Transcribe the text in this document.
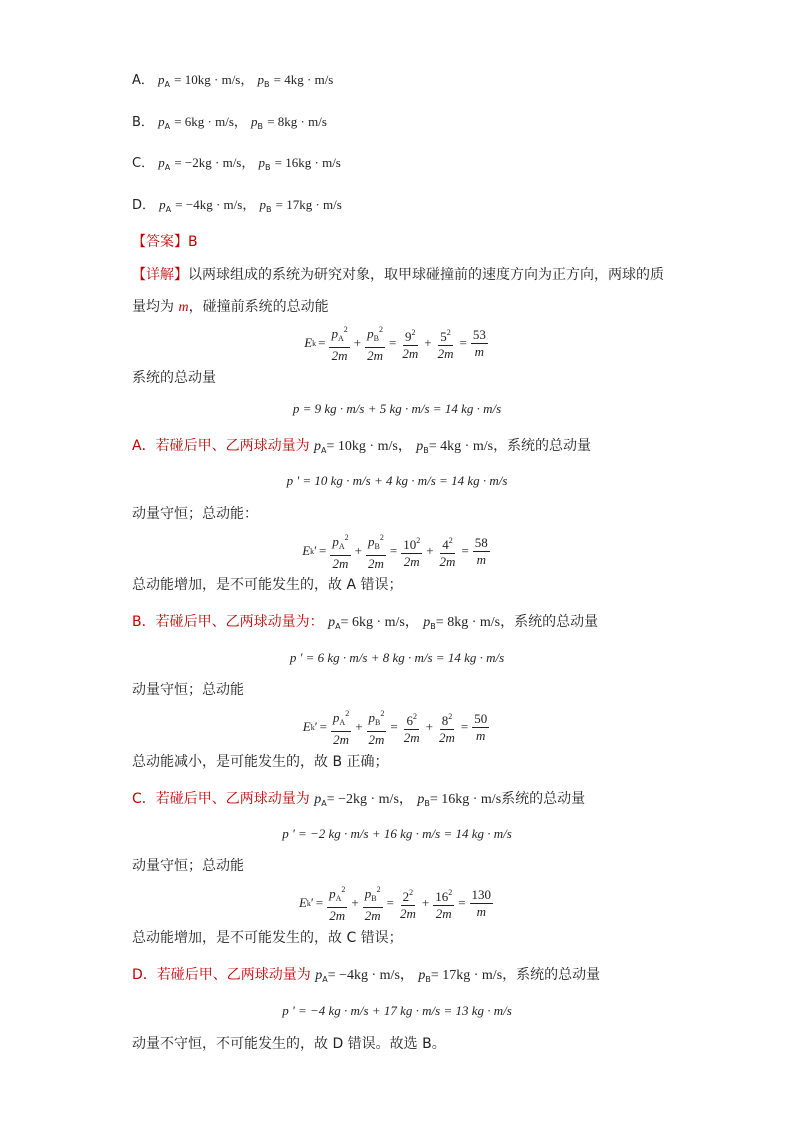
A． $p_A = 10kg \cdot m/s$， $p_B = 4kg \cdot m/s$
B． $p_A = 6kg \cdot m/s$， $p_B = 8kg \cdot m/s$
C． $p_A = -2kg \cdot m/s$， $p_B = 16kg \cdot m/s$
D． $p_A = -4kg \cdot m/s$， $p_B = 17kg \cdot m/s$
【答案】B
【详解】以两球组成的系统为研究对象，取甲球碰撞前的速度方向为正方向，两球的质
量均为 m，碰撞前系统的总动能
E $k = \frac{p_A^2}{2m} + \frac{p_B^2}{2m} = \frac{9^2}{2m} + \frac{5^2}{2m} = \frac{53}{m}$
系统的总动量
p = 9 kg · m/s + 5 kg · m/s = 14 kg · m/s
A．若碰后甲、乙两球动量为 $p_A= 10kg \cdot m/s$， $p_B= 4kg \cdot m/s$，系统的总动量
p ' = 10 kg · m/s + 4 kg · m/s = 14 kg · m/s
动量守恒；总动能：
E k ′ = $\frac{p_A^2}{2m} + \frac{p_B^2}{2m} = \frac{10^2}{2m} + \frac{4^2}{2m} = \frac{58}{m}$
总动能增加，是不可能发生的，故 A 错误；
B．若碰后甲、乙两球动量为： $p_A= 6kg \cdot m/s$， $p_B= 8kg \cdot m/s$，系统的总动量
p ' = 6 kg · m/s + 8 kg · m/s = 14 kg · m/s
动量守恒；总动能
E k ′ = $\frac{p_A^2}{2m} + \frac{p_B^2}{2m} = \frac{6^2}{2m} + \frac{8^2}{2m} = \frac{50}{m}$
总动能减小，是可能发生的，故 B 正确；
C．若碰后甲、乙两球动量为 $p_A= -2kg \cdot m/s$， $p_B= 16kg \cdot m/s$系统的总动量
p ' = −2 kg · m/s + 16 kg · m/s = 14 kg · m/s
动量守恒；总动能
E k ′ = $\frac{p_A^2}{2m} + \frac{p_B^2}{2m} = \frac{2^2}{2m} + \frac{16^2}{2m} = \frac{130}{m}$
总动能增加，是不可能发生的，故 C 错误；
D．若碰后甲、乙两球动量为 $p_A= -4kg \cdot m/s$， $p_B= 17kg \cdot m/s$，系统的总动量
p ' = −4 kg · m/s + 17 kg · m/s = 13 kg · m/s
动量不守恒，不可能发生的，故 D 错误。故选 B。
